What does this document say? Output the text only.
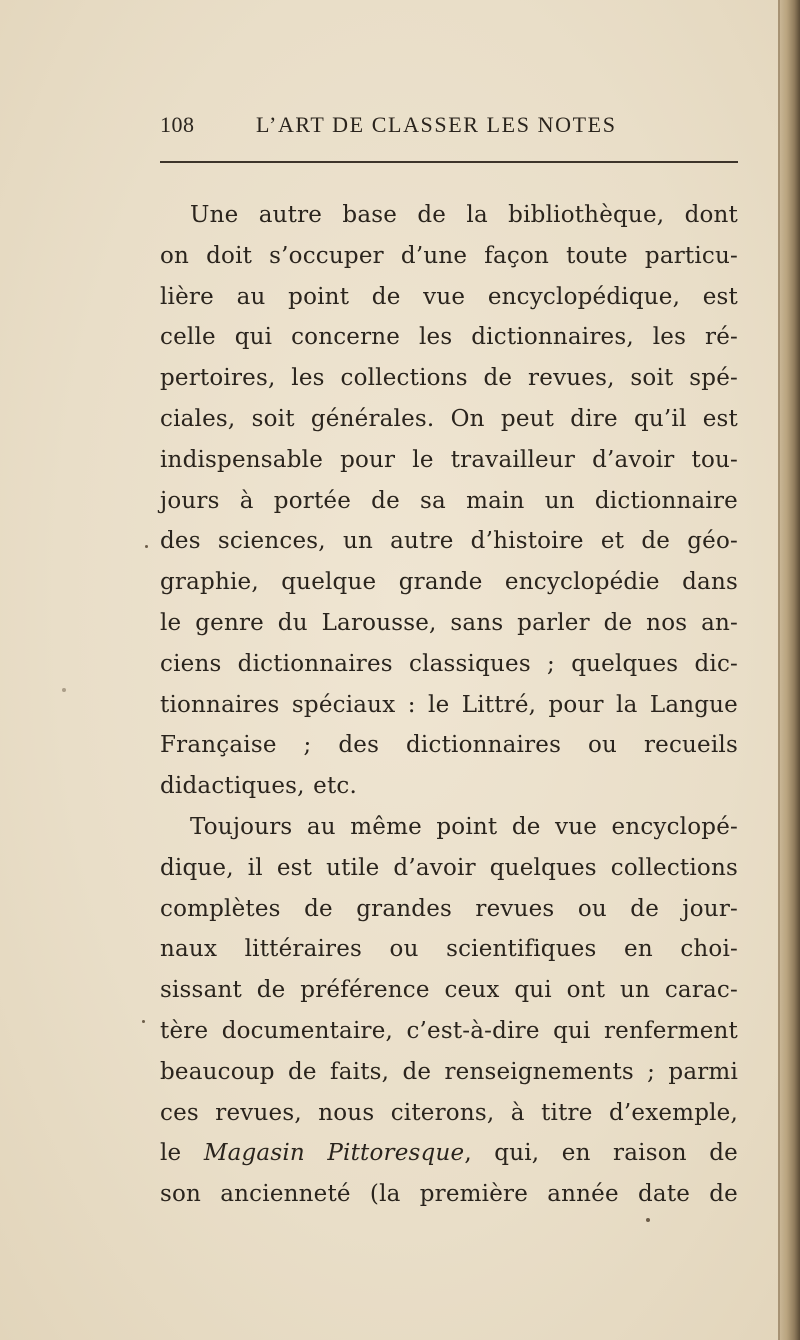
108	L’ART DE CLASSER LES NOTES
Une autre base de la bibliothèque, dont
on doit s’occuper d’une façon toute particu-
lière au point de vue encyclopédique, est
celle qui concerne les dictionnaires, les ré-
pertoires, les collections de revues, soit spé-
ciales, soit générales. On peut dire qu’il est
indispensable pour le travailleur d’avoir tou-
jours à portée de sa main un dictionnaire
des sciences, un autre d’histoire et de géo-
graphie, quelque grande encyclopédie dans
le genre du Larousse, sans parler de nos an-
ciens dictionnaires classiques ; quelques dic-
tionnaires spéciaux : le Littré, pour la Langue
Française ; des dictionnaires ou recueils
didactiques, etc.
Toujours au même point de vue encyclopé-
dique, il est utile d’avoir quelques collections
complètes de grandes revues ou de jour-
naux littéraires ou scientifiques en choi-
sissant de préférence ceux qui ont un carac-
tère documentaire, c’est-à-dire qui renferment
beaucoup de faits, de renseignements ; parmi
ces revues, nous citerons, à titre d’exemple,
le Magasin Pittoresque, qui, en raison de
son ancienneté (la première année date de
